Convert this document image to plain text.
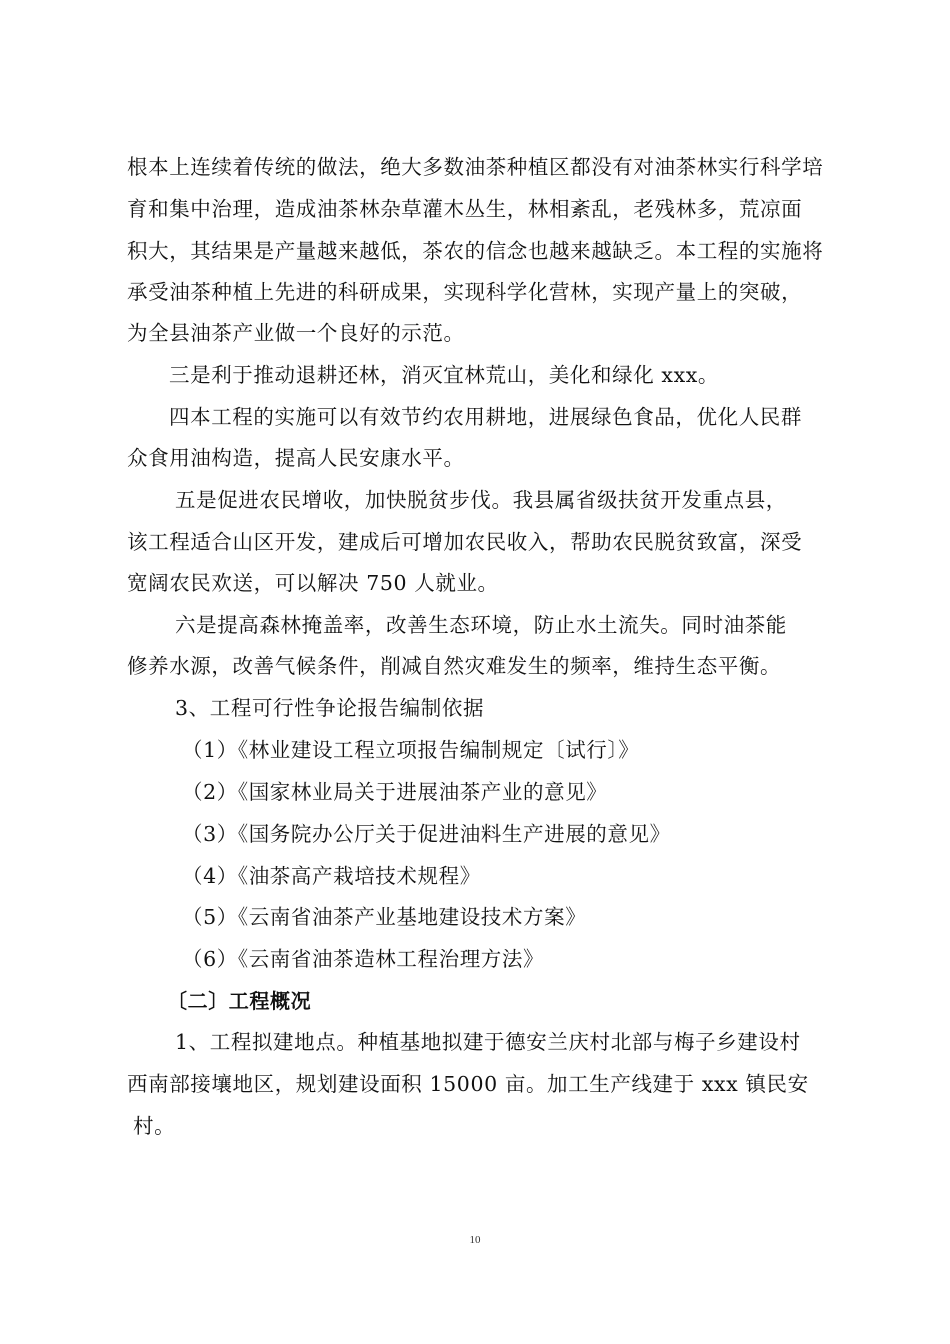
根本上连续着传统的做法，绝大多数油茶种植区都没有对油茶林实行科学培
育和集中治理，造成油茶林杂草灌木丛生，林相紊乱，老残林多，荒凉面
积大，其结果是产量越来越低，茶农的信念也越来越缺乏。本工程的实施将
承受油茶种植上先进的科研成果，实现科学化营林，实现产量上的突破，
为全县油茶产业做一个良好的示范。
三是利于推动退耕还林，消灭宜林荒山，美化和绿化 xxx。
四本工程的实施可以有效节约农用耕地，进展绿色食品，优化人民群
众食用油构造，提高人民安康水平。
五是促进农民增收，加快脱贫步伐。我县属省级扶贫开发重点县，
该工程适合山区开发，建成后可增加农民收入，帮助农民脱贫致富，深受
宽阔农民欢送，可以解决 750 人就业。
六是提高森林掩盖率，改善生态环境，防止水土流失。同时油茶能
修养水源，改善气候条件，削减自然灾难发生的频率，维持生态平衡。
3、工程可行性争论报告编制依据
（1）《林业建设工程立项报告编制规定〔试行〕》
（2）《国家林业局关于进展油茶产业的意见》
（3）《国务院办公厅关于促进油料生产进展的意见》
（4）《油茶高产栽培技术规程》
（5）《云南省油茶产业基地建设技术方案》
（6）《云南省油茶造林工程治理方法》
〔二〕工程概况
1、工程拟建地点。种植基地拟建于德安兰庆村北部与梅子乡建设村
西南部接壤地区，规划建设面积 15000 亩。加工生产线建于 xxx 镇民安
村。
10
